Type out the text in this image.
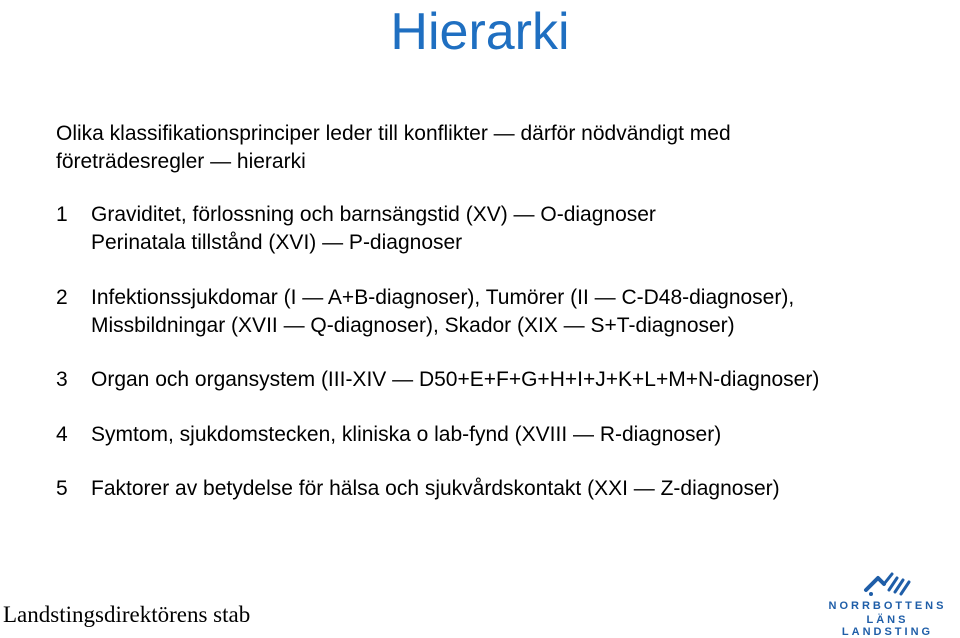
Hierarki
Olika klassifikationsprinciper leder till konflikter — därför nödvändigt med
företrädesregler — hierarki
1	Graviditet, förlossning och barnsängstid (XV) — O-diagnoser
Perinatala tillstånd (XVI) — P-diagnoser
2	Infektionssjukdomar (I — A+B-diagnoser), Tumörer (II — C-D48-diagnoser),
Missbildningar (XVII — Q-diagnoser), Skador (XIX — S+T-diagnoser)
3	Organ och organsystem (III-XIV — D50+E+F+G+H+I+J+K+L+M+N-diagnoser)
4	Symtom, sjukdomstecken, kliniska o lab-fynd (XVIII — R-diagnoser)
5	Faktorer av betydelse för hälsa och sjukvårdskontakt (XXI — Z-diagnoser)
Landstingsdirektörens stab	NORRBOTTENS
LÄNS LANDSTING
